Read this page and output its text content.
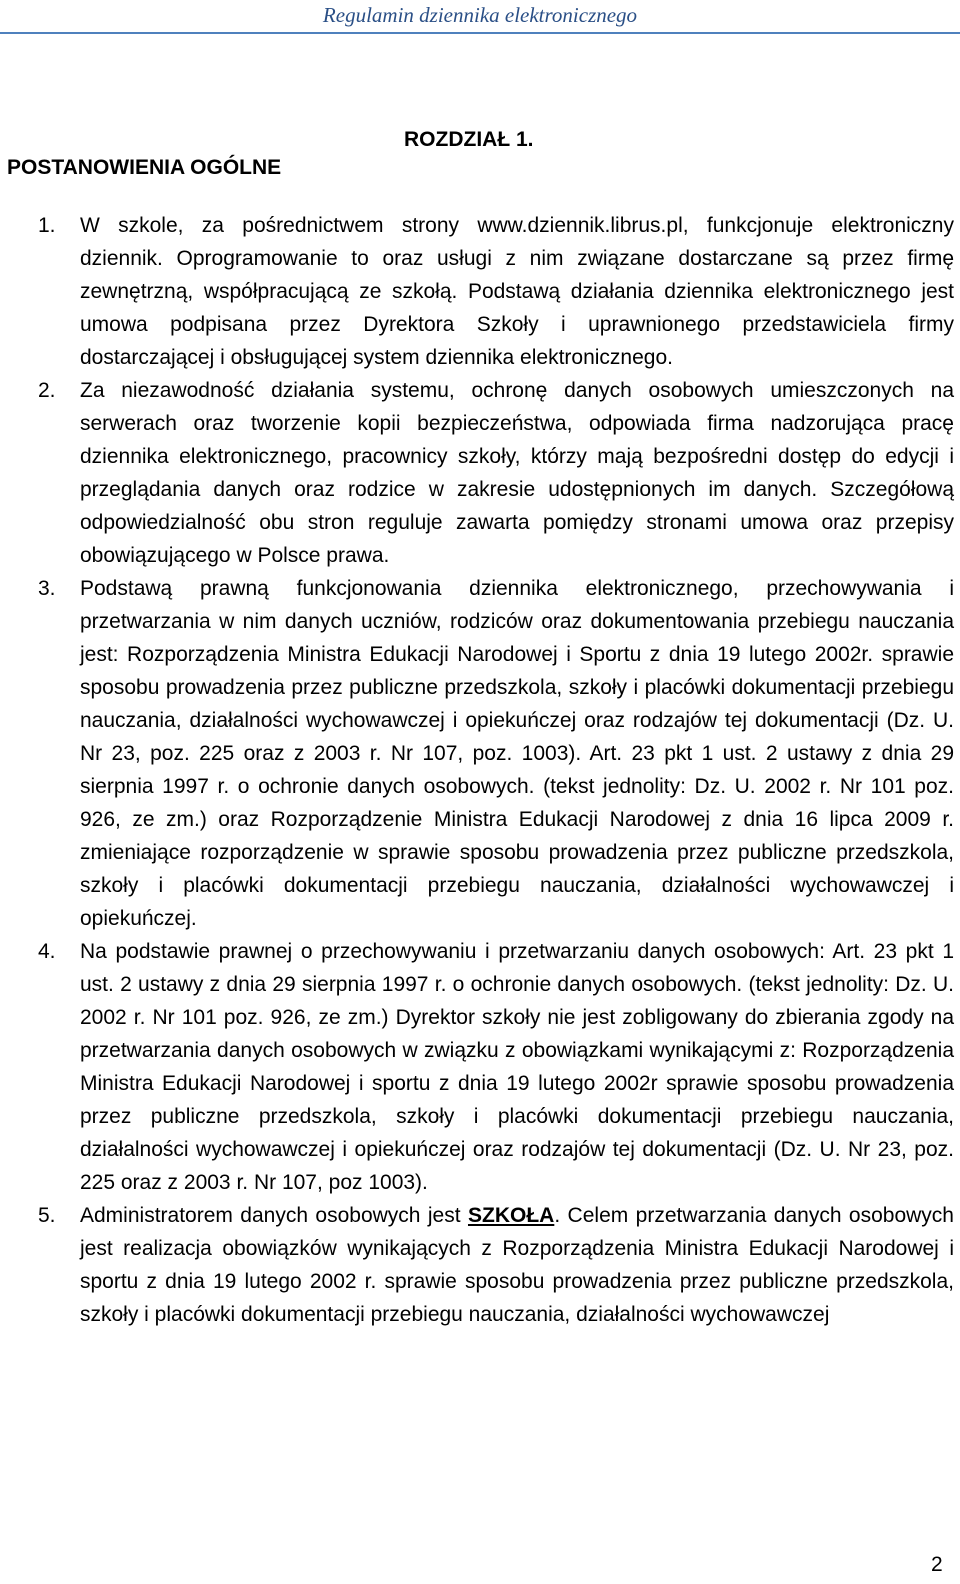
Regulamin dziennika elektronicznego
ROZDZIAŁ 1.
POSTANOWIENIA OGÓLNE
1. W szkole, za pośrednictwem strony www.dziennik.librus.pl, funkcjonuje elektroniczny dziennik. Oprogramowanie to oraz usługi z nim związane dostarczane są przez firmę zewnętrzną, współpracującą ze szkołą. Podstawą działania dziennika elektronicznego jest umowa podpisana przez Dyrektora Szkoły i uprawnionego przedstawiciela firmy dostarczającej i obsługującej system dziennika elektronicznego.
2. Za niezawodność działania systemu, ochronę danych osobowych umieszczonych na serwerach oraz tworzenie kopii bezpieczeństwa, odpowiada firma nadzorująca pracę dziennika elektronicznego, pracownicy szkoły, którzy mają bezpośredni dostęp do edycji i przeglądania danych oraz rodzice w zakresie udostępnionych im danych. Szczegółową odpowiedzialność obu stron reguluje zawarta pomiędzy stronami umowa oraz przepisy obowiązującego w Polsce prawa.
3. Podstawą prawną funkcjonowania dziennika elektronicznego, przechowywania i przetwarzania w nim danych uczniów, rodziców oraz dokumentowania przebiegu nauczania jest: Rozporządzenia Ministra Edukacji Narodowej i Sportu z dnia 19 lutego 2002r. sprawie sposobu prowadzenia przez publiczne przedszkola, szkoły i placówki dokumentacji przebiegu nauczania, działalności wychowawczej i opiekuńczej oraz rodzajów tej dokumentacji (Dz. U. Nr 23, poz. 225 oraz z 2003 r. Nr 107, poz. 1003). Art. 23 pkt 1 ust. 2 ustawy z dnia 29 sierpnia 1997 r. o ochronie danych osobowych. (tekst jednolity: Dz. U. 2002 r. Nr 101 poz. 926, ze zm.) oraz Rozporządzenie Ministra Edukacji Narodowej z dnia 16 lipca 2009 r. zmieniające rozporządzenie w sprawie sposobu prowadzenia przez publiczne przedszkola, szkoły i placówki dokumentacji przebiegu nauczania, działalności wychowawczej i opiekuńczej.
4. Na podstawie prawnej o przechowywaniu i przetwarzaniu danych osobowych: Art. 23 pkt 1 ust. 2 ustawy z dnia 29 sierpnia 1997 r. o ochronie danych osobowych. (tekst jednolity: Dz. U. 2002 r. Nr 101 poz. 926, ze zm.) Dyrektor szkoły nie jest zobligowany do zbierania zgody na przetwarzania danych osobowych w związku z obowiązkami wynikającymi z: Rozporządzenia Ministra Edukacji Narodowej i sportu z dnia 19 lutego 2002r sprawie sposobu prowadzenia przez publiczne przedszkola, szkoły i placówki dokumentacji przebiegu nauczania, działalności wychowawczej i opiekuńczej oraz rodzajów tej dokumentacji (Dz. U. Nr 23, poz. 225 oraz z 2003 r. Nr 107, poz 1003).
5. Administratorem danych osobowych jest SZKOŁA. Celem przetwarzania danych osobowych jest realizacja obowiązków wynikających z Rozporządzenia Ministra Edukacji Narodowej i sportu z dnia 19 lutego 2002 r. sprawie sposobu prowadzenia przez publiczne przedszkola, szkoły i placówki dokumentacji przebiegu nauczania, działalności wychowawczej
2
